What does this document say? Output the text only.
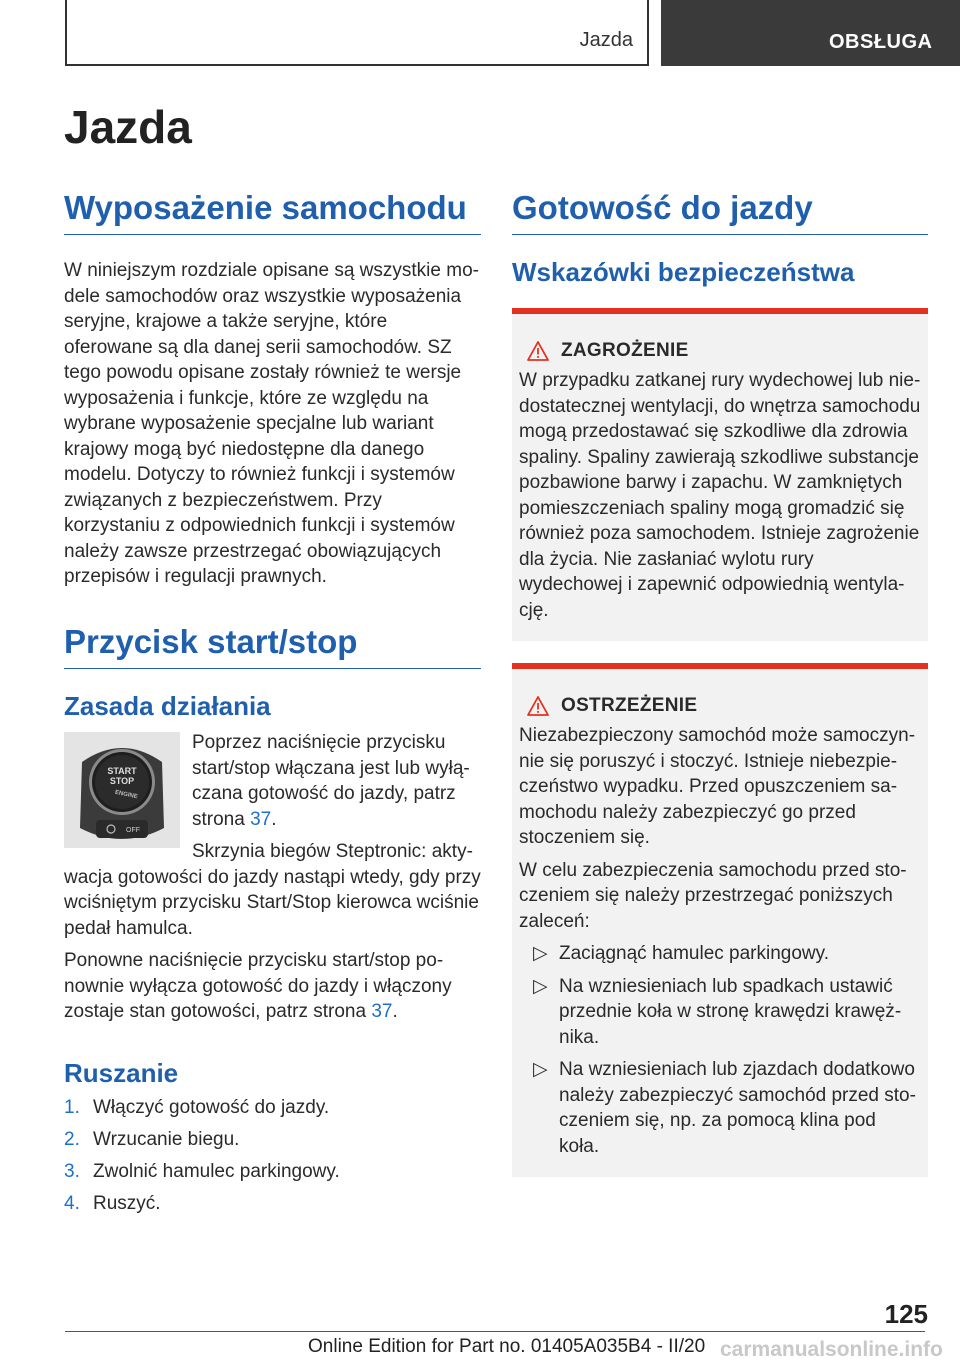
Jazda	OBSŁUGA
Jazda
Wyposażenie samochodu

W niniejszym rozdziale opisane są wszystkie modele samochodów oraz wszystkie wyposażenia seryjne, krajowe a także seryjne, które oferowane są dla danej serii samochodów. SZ tego powodu opisane zostały również te wersje wyposażenia i funkcje, które ze względu na wybrane wyposażenie specjalne lub wariant krajowy mogą być niedostępne dla danego modelu. Dotyczy to również funkcji i systemów związanych z bezpieczeństwem. Przy korzystaniu z odpowiednich funkcji i systemów należy zawsze przestrzegać obowiązujących przepisów i regulacji prawnych.

Przycisk start/stop
Zasada działania
START
STOP
ENGINE
OFF

Poprzez naciśnięcie przycisku start/stop włączana jest lub wyłączana gotowość do jazdy, patrz strona 37.

Skrzynia biegów Steptronic: aktywacja gotowości do jazdy nastąpi wtedy, gdy przy wciśniętym przycisku Start/Stop kierowca wciśnie pedał hamulca.

Ponowne naciśnięcie przycisku start/stop ponownie wyłącza gotowość do jazdy i włączony zostaje stan gotowości, patrz strona 37.

Ruszanie
1. Włączyć gotowość do jazdy.
2. Wrzucanie biegu.
3. Zwolnić hamulec parkingowy.
4. Ruszyć.
Gotowość do jazdy
Wskazówki bezpieczeństwa
ZAGROŻENIE

W przypadku zatkanej rury wydechowej lub niedostatecznej wentylacji, do wnętrza samochodu mogą przedostawać się szkodliwe dla zdrowia spaliny. Spaliny zawierają szkodliwe substancje pozbawione barwy i zapachu. W zamkniętych pomieszczeniach spaliny mogą gromadzić się również poza samochodem. Istnieje zagrożenie dla życia. Nie zasłaniać wylotu rury wydechowej i zapewnić odpowiednią wentylację.

OSTRZEŻENIE

Niezabezpieczony samochód może samoczynnie się poruszyć i stoczyć. Istnieje niebezpieczeństwo wypadku. Przed opuszczeniem samochodu należy zabezpieczyć go przed stoczeniem się.

W celu zabezpieczenia samochodu przed stoczeniem się należy przestrzegać poniższych zaleceń:

▷ Zaciągnąć hamulec parkingowy.
▷ Na wzniesieniach lub spadkach ustawić przednie koła w stronę krawędzi krawężnika.
▷ Na wzniesieniach lub zjazdach dodatkowo należy zabezpieczyć samochód przed stoczeniem się, np. za pomocą klina pod koła.
125
Online Edition for Part no. 01405A035B4 - II/20 carmanualsonline.info
